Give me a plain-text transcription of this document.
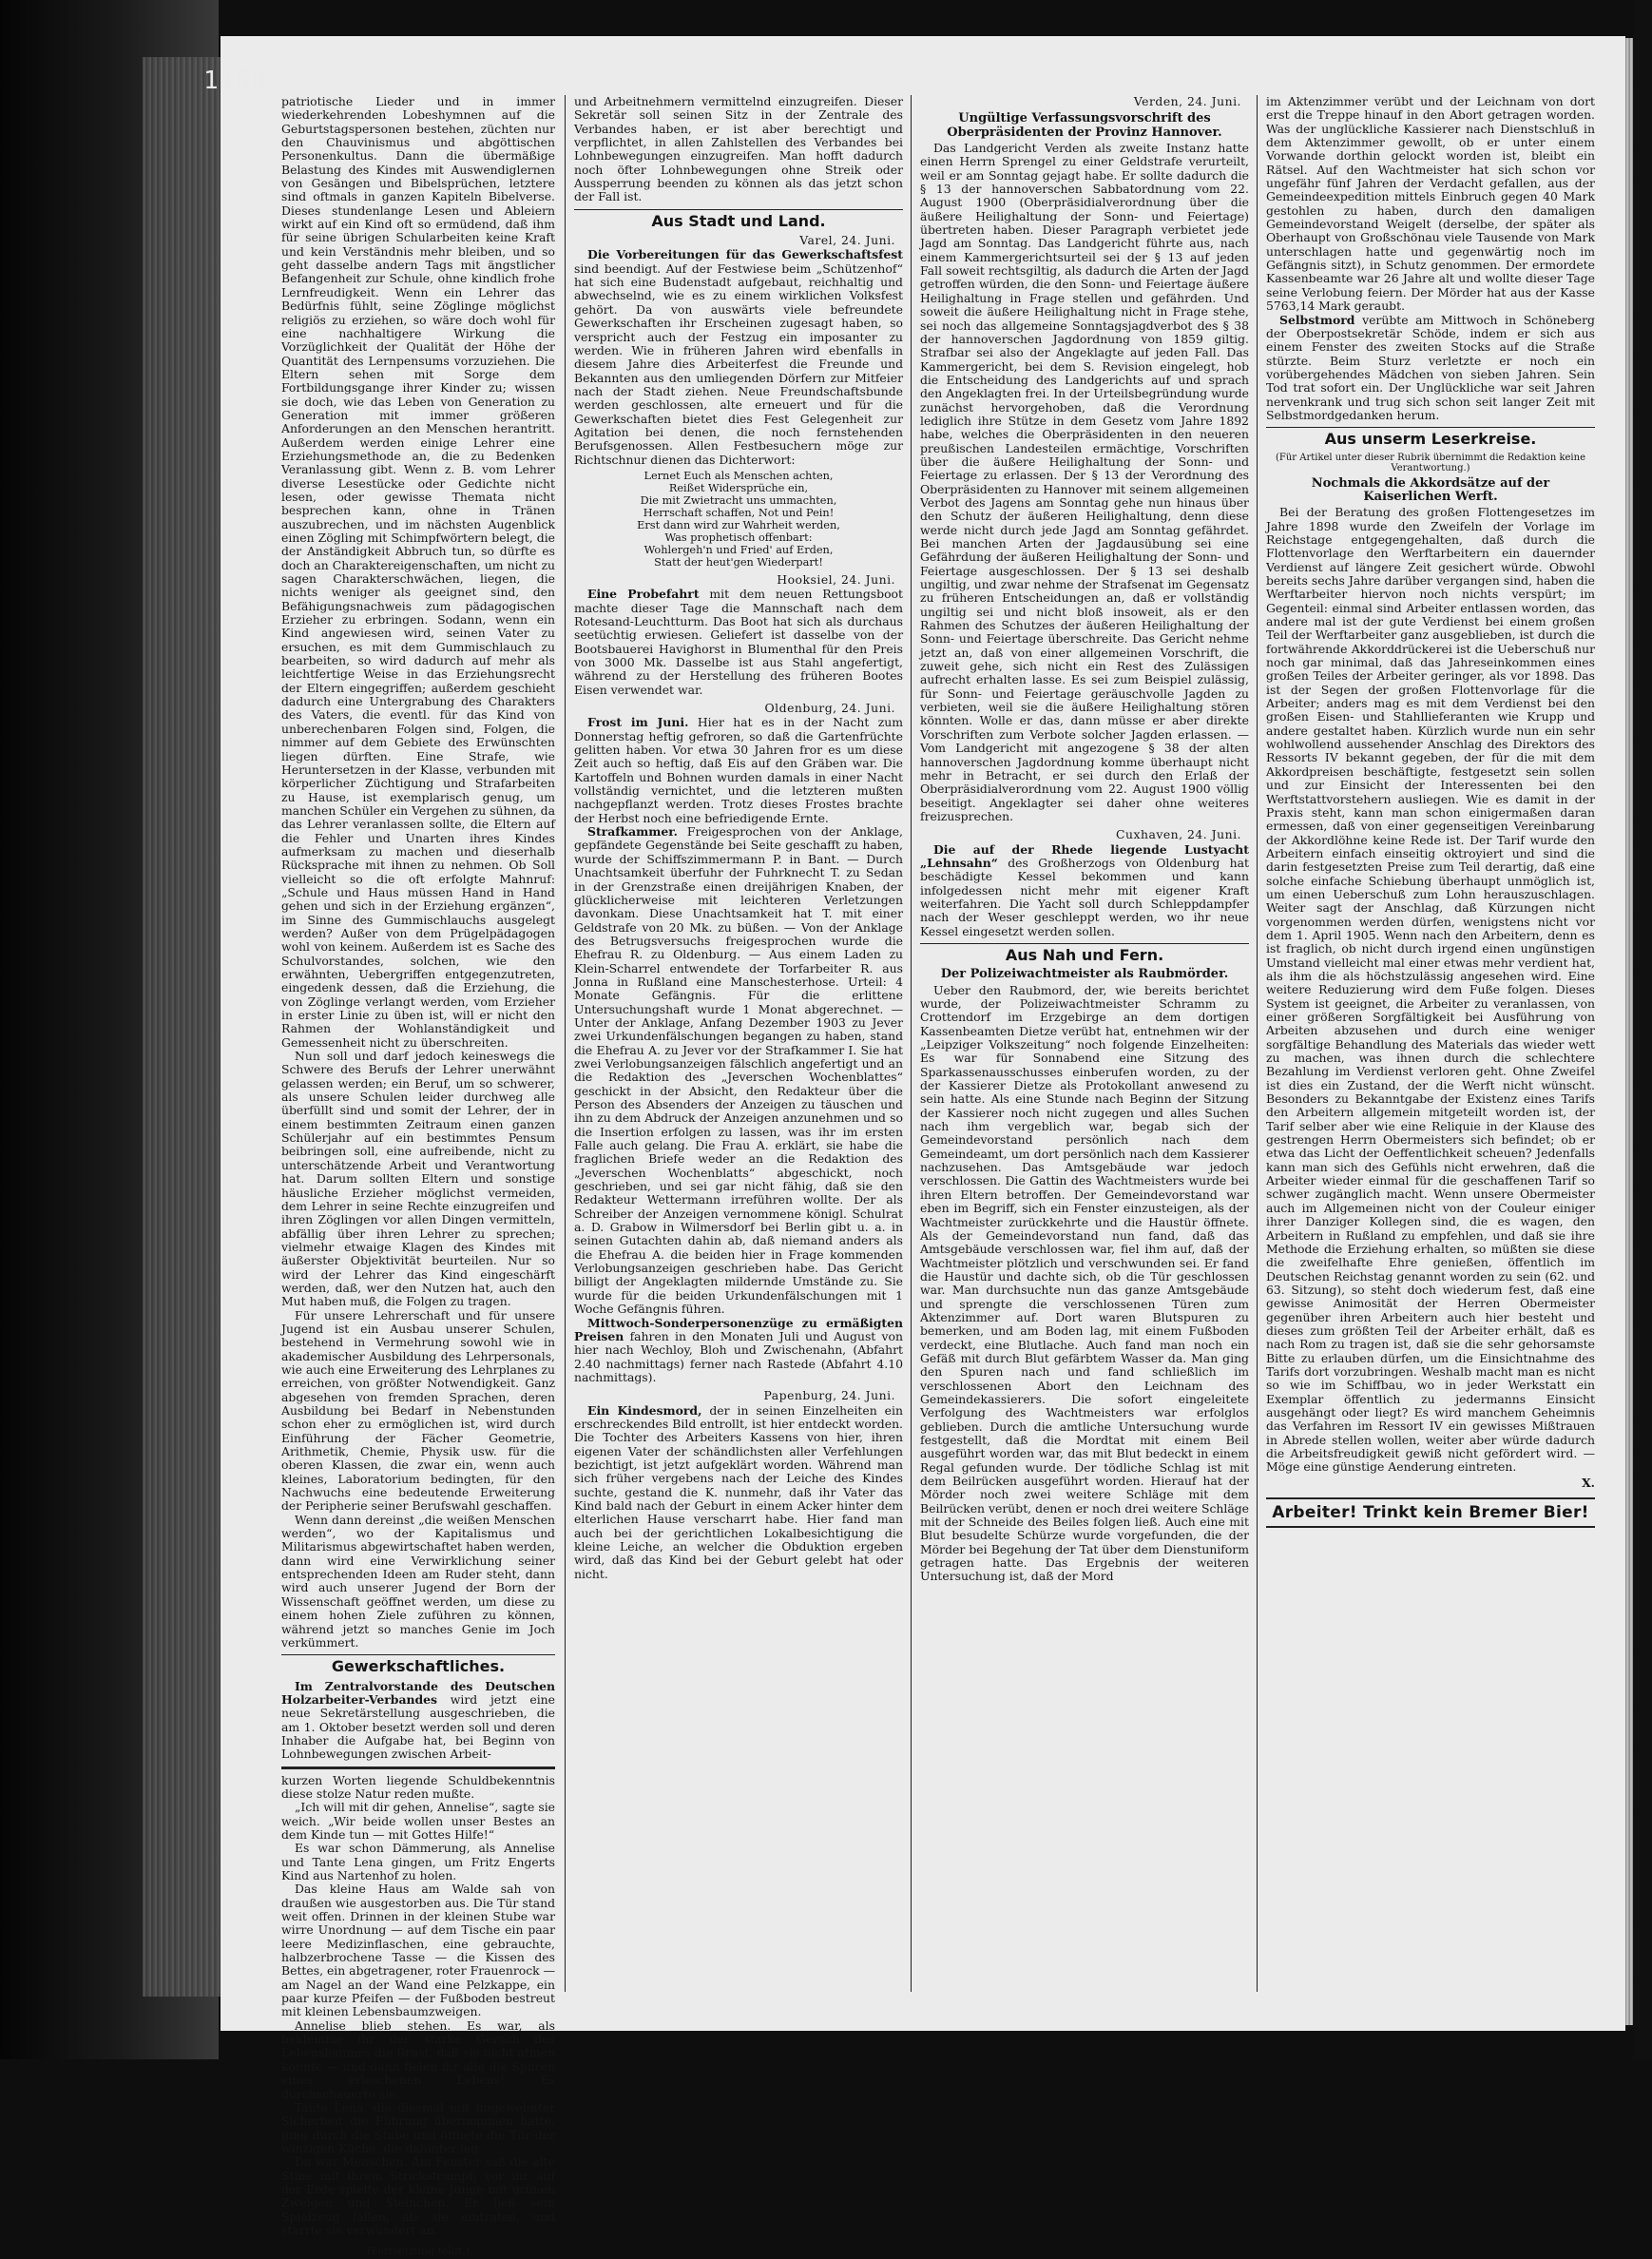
patriotische Lieder und in immer wiederkehrenden Lobeshymnen auf die Geburtstagspersonen bestehen, züchten nur den Chauvinismus und abgöttischen Personenkultus. Dann die übermäßige Belastung des Kindes mit Auswendiglernen von Gesängen und Bibelsprüchen, letztere sind oftmals in ganzen Kapiteln Bibelverse. Dieses stundenlange Lesen und Ableiern wirkt auf ein Kind oft so ermüdend, daß ihm für seine übrigen Schularbeiten keine Kraft und kein Verständnis mehr bleiben, und so geht dasselbe andern Tags mit ängstlicher Befangenheit zur Schule, ohne kindlich frohe Lernfreudigkeit. Wenn ein Lehrer das Bedürfnis fühlt, seine Zöglinge möglichst religiös zu erziehen, so wäre doch wohl für eine nachhaltigere Wirkung die Vorzüglichkeit der Qualität der Höhe der Quantität des Lernpensums vorzuziehen. Die Eltern sehen mit Sorge dem Fortbildungsgange ihrer Kinder zu; wissen sie doch, wie das Leben von Generation zu Generation mit immer größeren Anforderungen an den Menschen herantritt. Außerdem werden einige Lehrer eine Erziehungsmethode an, die zu Bedenken Veranlassung gibt. Wenn z. B. vom Lehrer diverse Lesestücke oder Gedichte nicht lesen, oder gewisse Themata nicht besprechen kann, ohne in Tränen auszubrechen, und im nächsten Augenblick einen Zögling mit Schimpfwörtern belegt, die der Anständigkeit Abbruch tun, so dürfte es doch an Charaktereigenschaften, um nicht zu sagen Charakterschwächen, liegen, die nichts weniger als geeignet sind, den Befähigungsnachweis zum pädagogischen Erzieher zu erbringen. Sodann, wenn ein Kind angewiesen wird, seinen Vater zu ersuchen, es mit dem Gummischlauch zu bearbeiten, so wird dadurch auf mehr als leichtfertige Weise in das Erziehungsrecht der Eltern eingegriffen; außerdem geschieht dadurch eine Untergrabung des Charakters des Vaters, die eventl. für das Kind von unberechenbaren Folgen sind, Folgen, die nimmer auf dem Gebiete des Erwünschten liegen dürften. Eine Strafe, wie Heruntersetzen in der Klasse, verbunden mit körperlicher Züchtigung und Strafarbeiten zu Hause, ist exemplarisch genug, um manchen Schüler ein Vergehen zu sühnen, da das Lehrer veranlassen sollte, die Eltern auf die Fehler und Unarten ihres Kindes aufmerksam zu machen und dieserhalb Rücksprache mit ihnen zu nehmen. Ob Soll vielleicht so die oft erfolgte Mahnruf: „Schule und Haus müssen Hand in Hand gehen und sich in der Erziehung ergänzen“, im Sinne des Gummischlauchs ausgelegt werden? Außer von dem Prügelpädagogen wohl von keinem. Außerdem ist es Sache des Schulvorstandes, solchen, wie den erwähnten, Uebergriffen entgegenzutreten, eingedenk dessen, daß die Erziehung, die von Zöglinge verlangt werden, vom Erzieher in erster Linie zu üben ist, will er nicht den Rahmen der Wohlanständigkeit und Gemessenheit nicht zu überschreiten.

Nun soll und darf jedoch keineswegs die Schwere des Berufs der Lehrer unerwähnt gelassen werden; ein Beruf, um so schwerer, als unsere Schulen leider durchweg alle überfüllt sind und somit der Lehrer, der in einem bestimmten Zeitraum einen ganzen Schülerjahr auf ein bestimmtes Pensum beibringen soll, eine aufreibende, nicht zu unterschätzende Arbeit und Verantwortung hat. Darum sollten Eltern und sonstige häusliche Erzieher möglichst vermeiden, dem Lehrer in seine Rechte einzugreifen und ihren Zöglingen vor allen Dingen vermitteln, abfällig über ihren Lehrer zu sprechen; vielmehr etwaige Klagen des Kindes mit äußerster Objektivität beurteilen. Nur so wird der Lehrer das Kind eingeschärft werden, daß, wer den Nutzen hat, auch den Mut haben muß, die Folgen zu tragen.

Für unsere Lehrerschaft und für unsere Jugend ist ein Ausbau unserer Schulen, bestehend in Vermehrung sowohl wie in akademischer Ausbildung des Lehrpersonals, wie auch eine Erweiterung des Lehrplanes zu erreichen, von größter Notwendigkeit. Ganz abgesehen von fremden Sprachen, deren Ausbildung bei Bedarf in Nebenstunden schon eher zu ermöglichen ist, wird durch Einführung der Fächer Geometrie, Arithmetik, Chemie, Physik usw. für die oberen Klassen, die zwar ein, wenn auch kleines, Laboratorium bedingten, für den Nachwuchs eine bedeutende Erweiterung der Peripherie seiner Berufswahl geschaffen.

Wenn dann dereinst „die weißen Menschen werden“, wo der Kapitalismus und Militarismus abgewirtschaftet haben werden, dann wird eine Verwirklichung seiner entsprechenden Ideen am Ruder steht, dann wird auch unserer Jugend der Born der Wissenschaft geöffnet werden, um diese zu einem hohen Ziele zuführen zu können, während jetzt so manches Genie im Joch verkümmert.

Gewerkschaftliches.

Im Zentralvorstande des Deutschen Holzarbeiter-Verbandes wird jetzt eine neue Sekretärstellung ausgeschrieben, die am 1. Oktober besetzt werden soll und deren Inhaber die Aufgabe hat, bei Beginn von Lohnbewegungen zwischen Arbeit-

kurzen Worten liegende Schuldbekenntnis diese stolze Natur reden mußte.

„Ich will mit dir gehen, Annelise“, sagte sie weich. „Wir beide wollen unser Bestes an dem Kinde tun — mit Gottes Hilfe!“

Es war schon Dämmerung, als Annelise und Tante Lena gingen, um Fritz Engerts Kind aus Nartenhof zu holen.

Das kleine Haus am Walde sah von draußen wie ausgestorben aus. Die Tür stand weit offen. Drinnen in der kleinen Stube war wirre Unordnung — auf dem Tische ein paar leere Medizinflaschen, eine gebrauchte, halbzerbrochene Tasse — die Kissen des Bettes, ein abgetragener, roter Frauenrock — am Nagel an der Wand eine Pelzkappe, ein paar kurze Pfeifen — der Fußboden bestreut mit kleinen Lebensbaumzweigen.

Annelise blieb stehen. Es war, als beklemme ihr der starke Geruch des Lebensbaumes die Brust, daß sie nicht atmen konnte — und dann fielen ihr alle die Spuren eines erloschenen Lebens! Es durchschauerte sie.

Tante Lena, die diesmal mit ungewohnter Sicherheit die Führung übernommen hatte, ging durch die Stube und öffnete die Tür der winzigen Küche, die dahinter lag.

Da war Menschen. Am Fenster saß die alte Stine mit ihrem Strickstrumpf; vor ihr auf der Erde spielte der kleine Junge mit grünen Zweigen und Steinchen. Er ließ sein Spielzeug fallen, als sie eintraten, und starrte sie verwundert an.

(Fortsetzung folgt.)

und Arbeitnehmern vermittelnd einzugreifen. Dieser Sekretär soll seinen Sitz in der Zentrale des Verbandes haben, er ist aber berechtigt und verpflichtet, in allen Zahlstellen des Verbandes bei Lohnbewegungen einzugreifen. Man hofft dadurch noch öfter Lohnbewegungen ohne Streik oder Aussperrung beenden zu können als das jetzt schon der Fall ist.

Aus Stadt und Land.
Varel, 24. Juni.

Die Vorbereitungen für das Gewerkschaftsfest sind beendigt. Auf der Festwiese beim „Schützenhof“ hat sich eine Budenstadt aufgebaut, reichhaltig und abwechselnd, wie es zu einem wirklichen Volksfest gehört. Da von auswärts viele befreundete Gewerkschaften ihr Erscheinen zugesagt haben, so verspricht auch der Festzug ein imposanter zu werden. Wie in früheren Jahren wird ebenfalls in diesem Jahre dies Arbeiterfest die Freunde und Bekannten aus den umliegenden Dörfern zur Mitfeier nach der Stadt ziehen. Neue Freundschaftsbunde werden geschlossen, alte erneuert und für die Gewerkschaften bietet dies Fest Gelegenheit zur Agitation bei denen, die noch fernstehenden Berufsgenossen. Allen Festbesuchern möge zur Richtschnur dienen das Dichterwort:

Lernet Euch als Menschen achten,
Reißet Widersprüche ein,
Die mit Zwietracht uns ummachten,
Herrschaft schaffen, Not und Pein!
Erst dann wird zur Wahrheit werden,
Was prophetisch offenbart:
Wohlergeh'n und Fried' auf Erden,
Statt der heut'gen Wiederpart!
Hooksiel, 24. Juni.

Eine Probefahrt mit dem neuen Rettungsboot machte dieser Tage die Mannschaft nach dem Rotesand-Leuchtturm. Das Boot hat sich als durchaus seetüchtig erwiesen. Geliefert ist dasselbe von der Bootsbauerei Havighorst in Blumenthal für den Preis von 3000 Mk. Dasselbe ist aus Stahl angefertigt, während zu der Herstellung des früheren Bootes Eisen verwendet war.

Oldenburg, 24. Juni.

Frost im Juni. Hier hat es in der Nacht zum Donnerstag heftig gefroren, so daß die Gartenfrüchte gelitten haben. Vor etwa 30 Jahren fror es um diese Zeit auch so heftig, daß Eis auf den Gräben war. Die Kartoffeln und Bohnen wurden damals in einer Nacht vollständig vernichtet, und die letzteren mußten nachgepflanzt werden. Trotz dieses Frostes brachte der Herbst noch eine befriedigende Ernte.

Strafkammer. Freigesprochen von der Anklage, gepfändete Gegenstände bei Seite geschafft zu haben, wurde der Schiffszimmermann P. in Bant. — Durch Unachtsamkeit überfuhr der Fuhrknecht T. zu Sedan in der Grenzstraße einen dreijährigen Knaben, der glücklicherweise mit leichteren Verletzungen davonkam. Diese Unachtsamkeit hat T. mit einer Geldstrafe von 20 Mk. zu büßen. — Von der Anklage des Betrugsversuchs freigesprochen wurde die Ehefrau R. zu Oldenburg. — Aus einem Laden zu Klein-Scharrel entwendete der Torfarbeiter R. aus Jonna in Rußland eine Manschesterhose. Urteil: 4 Monate Gefängnis. Für die erlittene Untersuchungshaft wurde 1 Monat abgerechnet. — Unter der Anklage, Anfang Dezember 1903 zu Jever zwei Urkundenfälschungen begangen zu haben, stand die Ehefrau A. zu Jever vor der Strafkammer I. Sie hat zwei Verlobungsanzeigen fälschlich angefertigt und an die Redaktion des „Jeverschen Wochenblattes“ geschickt in der Absicht, den Redakteur über die Person des Absenders der Anzeigen zu täuschen und ihn zu dem Abdruck der Anzeigen anzunehmen und so die Insertion erfolgen zu lassen, was ihr im ersten Falle auch gelang. Die Frau A. erklärt, sie habe die fraglichen Briefe weder an die Redaktion des „Jeverschen Wochenblatts“ abgeschickt, noch geschrieben, und sei gar nicht fähig, daß sie den Redakteur Wettermann irreführen wollte. Der als Schreiber der Anzeigen vernommene königl. Schulrat a. D. Grabow in Wilmersdorf bei Berlin gibt u. a. in seinen Gutachten dahin ab, daß niemand anders als die Ehefrau A. die beiden hier in Frage kommenden Verlobungsanzeigen geschrieben habe. Das Gericht billigt der Angeklagten mildernde Umstände zu. Sie wurde für die beiden Urkundenfälschungen mit 1 Woche Gefängnis führen.

Mittwoch-Sonderpersonenzüge zu ermäßigten Preisen fahren in den Monaten Juli und August von hier nach Wechloy, Bloh und Zwischenahn, (Abfahrt 2.40 nachmittags) ferner nach Rastede (Abfahrt 4.10 nachmittags).

Papenburg, 24. Juni.

Ein Kindesmord, der in seinen Einzelheiten ein erschreckendes Bild entrollt, ist hier entdeckt worden. Die Tochter des Arbeiters Kassens von hier, ihren eigenen Vater der schändlichsten aller Verfehlungen bezichtigt, ist jetzt aufgeklärt worden. Während man sich früher vergebens nach der Leiche des Kindes suchte, gestand die K. nunmehr, daß ihr Vater das Kind bald nach der Geburt in einem Acker hinter dem elterlichen Hause verscharrt habe. Hier fand man auch bei der gerichtlichen Lokalbesichtigung die kleine Leiche, an welcher die Obduktion ergeben wird, daß das Kind bei der Geburt gelebt hat oder nicht.

Verden, 24. Juni.
Ungültige Verfassungsvorschrift des Oberpräsidenten der Provinz Hannover.

Das Landgericht Verden als zweite Instanz hatte einen Herrn Sprengel zu einer Geldstrafe verurteilt, weil er am Sonntag gejagt habe. Er sollte dadurch die § 13 der hannoverschen Sabbatordnung vom 22. August 1900 (Oberpräsidialverordnung über die äußere Heilighaltung der Sonn- und Feiertage) übertreten haben. Dieser Paragraph verbietet jede Jagd am Sonntag. Das Landgericht führte aus, nach einem Kammergerichtsurteil sei der § 13 auf jeden Fall soweit rechtsgiltig, als dadurch die Arten der Jagd getroffen würden, die den Sonn- und Feiertage äußere Heilighaltung in Frage stellen und gefährden. Und soweit die äußere Heilighaltung nicht in Frage stehe, sei noch das allgemeine Sonntagsjagdverbot des § 38 der hannoverschen Jagdordnung von 1859 giltig. Strafbar sei also der Angeklagte auf jeden Fall. Das Kammergericht, bei dem S. Revision eingelegt, hob die Entscheidung des Landgerichts auf und sprach den Angeklagten frei. In der Urteilsbegründung wurde zunächst hervorgehoben, daß die Verordnung lediglich ihre Stütze in dem Gesetz vom Jahre 1892 habe, welches die Oberpräsidenten in den neueren preußischen Landesteilen ermächtige, Vorschriften über die äußere Heilighaltung der Sonn- und Feiertage zu erlassen. Der § 13 der Verordnung des Oberpräsidenten zu Hannover mit seinem allgemeinen Verbot des Jagens am Sonntag gehe nun hinaus über den Schutz der äußeren Heilighaltung, denn diese werde nicht durch jede Jagd am Sonntag gefährdet. Bei manchen Arten der Jagdausübung sei eine Gefährdung der äußeren Heilighaltung der Sonn- und Feiertage ausgeschlossen. Der § 13 sei deshalb ungiltig, und zwar nehme der Strafsenat im Gegensatz zu früheren Entscheidungen an, daß er vollständig ungiltig sei und nicht bloß insoweit, als er den Rahmen des Schutzes der äußeren Heilighaltung der Sonn- und Feiertage überschreite. Das Gericht nehme jetzt an, daß von einer allgemeinen Vorschrift, die zuweit gehe, sich nicht ein Rest des Zulässigen aufrecht erhalten lasse. Es sei zum Beispiel zulässig, für Sonn- und Feiertage geräuschvolle Jagden zu verbieten, weil sie die äußere Heilighaltung stören könnten. Wolle er das, dann müsse er aber direkte Vorschriften zum Verbote solcher Jagden erlassen. — Vom Landgericht mit angezogene § 38 der alten hannoverschen Jagdordnung komme überhaupt nicht mehr in Betracht, er sei durch den Erlaß der Oberpräsidialverordnung vom 22. August 1900 völlig beseitigt. Angeklagter sei daher ohne weiteres freizusprechen.

Cuxhaven, 24. Juni.

Die auf der Rhede liegende Lustyacht „Lehnsahn“ des Großherzogs von Oldenburg hat beschädigte Kessel bekommen und kann infolgedessen nicht mehr mit eigener Kraft weiterfahren. Die Yacht soll durch Schleppdampfer nach der Weser geschleppt werden, wo ihr neue Kessel eingesetzt werden sollen.

Aus Nah und Fern.
Der Polizeiwachtmeister als Raubmörder.

Ueber den Raubmord, der, wie bereits berichtet wurde, der Polizeiwachtmeister Schramm zu Crottendorf im Erzgebirge an dem dortigen Kassenbeamten Dietze verübt hat, entnehmen wir der „Leipziger Volkszeitung“ noch folgende Einzelheiten: Es war für Sonnabend eine Sitzung des Sparkassenausschusses einberufen worden, zu der der Kassierer Dietze als Protokollant anwesend zu sein hatte. Als eine Stunde nach Beginn der Sitzung der Kassierer noch nicht zugegen und alles Suchen nach ihm vergeblich war, begab sich der Gemeindevorstand persönlich nach dem Gemeindeamt, um dort persönlich nach dem Kassierer nachzusehen. Das Amtsgebäude war jedoch verschlossen. Die Gattin des Wachtmeisters wurde bei ihren Eltern betroffen. Der Gemeindevorstand war eben im Begriff, sich ein Fenster einzusteigen, als der Wachtmeister zurückkehrte und die Haustür öffnete. Als der Gemeindevorstand nun fand, daß das Amtsgebäude verschlossen war, fiel ihm auf, daß der Wachtmeister plötzlich und verschwunden sei. Er fand die Haustür und dachte sich, ob die Tür geschlossen war. Man durchsuchte nun das ganze Amtsgebäude und sprengte die verschlossenen Türen zum Aktenzimmer auf. Dort waren Blutspuren zu bemerken, und am Boden lag, mit einem Fußboden verdeckt, eine Blutlache. Auch fand man noch ein Gefäß mit durch Blut gefärbtem Wasser da. Man ging den Spuren nach und fand schließlich im verschlossenen Abort den Leichnam des Gemeindekassierers. Die sofort eingeleitete Verfolgung des Wachtmeisters war erfolglos geblieben. Durch die amtliche Untersuchung wurde festgestellt, daß die Mordtat mit einem Beil ausgeführt worden war, das mit Blut bedeckt in einem Regal gefunden wurde. Der tödliche Schlag ist mit dem Beilrücken ausgeführt worden. Hierauf hat der Mörder noch zwei weitere Schläge mit dem Beilrücken verübt, denen er noch drei weitere Schläge mit der Schneide des Beiles folgen ließ. Auch eine mit Blut besudelte Schürze wurde vorgefunden, die der Mörder bei Begehung der Tat über dem Dienstuniform getragen hatte. Das Ergebnis der weiteren Untersuchung ist, daß der Mord

im Aktenzimmer verübt und der Leichnam von dort erst die Treppe hinauf in den Abort getragen worden. Was der unglückliche Kassierer nach Dienstschluß in dem Aktenzimmer gewollt, ob er unter einem Vorwande dorthin gelockt worden ist, bleibt ein Rätsel. Auf den Wachtmeister hat sich schon vor ungefähr fünf Jahren der Verdacht gefallen, aus der Gemeindeexpedition mittels Einbruch gegen 40 Mark gestohlen zu haben, durch den damaligen Gemeindevorstand Weigelt (derselbe, der später als Oberhaupt von Großschönau viele Tausende von Mark unterschlagen hatte und gegenwärtig noch im Gefängnis sitzt), in Schutz genommen. Der ermordete Kassenbeamte war 26 Jahre alt und wollte dieser Tage seine Verlobung feiern. Der Mörder hat aus der Kasse 5763,14 Mark geraubt.

Selbstmord verübte am Mittwoch in Schöneberg der Oberpostsekretär Schöde, indem er sich aus einem Fenster des zweiten Stocks auf die Straße stürzte. Beim Sturz verletzte er noch ein vorübergehendes Mädchen von sieben Jahren. Sein Tod trat sofort ein. Der Unglückliche war seit Jahren nervenkrank und trug sich schon seit langer Zeit mit Selbstmordgedanken herum.

Aus unserm Leserkreise.
(Für Artikel unter dieser Rubrik übernimmt die Redaktion keine Verantwortung.)
Nochmals die Akkordsätze auf der Kaiserlichen Werft.

Bei der Beratung des großen Flottengesetzes im Jahre 1898 wurde den Zweifeln der Vorlage im Reichstage entgegengehalten, daß durch die Flottenvorlage den Werftarbeitern ein dauernder Verdienst auf längere Zeit gesichert würde. Obwohl bereits sechs Jahre darüber vergangen sind, haben die Werftarbeiter hiervon noch nichts verspürt; im Gegenteil: einmal sind Arbeiter entlassen worden, das andere mal ist der gute Verdienst bei einem großen Teil der Werftarbeiter ganz ausgeblieben, ist durch die fortwährende Akkorddrückerei ist die Ueberschuß nur noch gar minimal, daß das Jahreseinkommen eines großen Teiles der Arbeiter geringer, als vor 1898. Das ist der Segen der großen Flottenvorlage für die Arbeiter; anders mag es mit dem Verdienst bei den großen Eisen- und Stahllieferanten wie Krupp und andere gestaltet haben. Kürzlich wurde nun ein sehr wohlwollend aussehender Anschlag des Direktors des Ressorts IV bekannt gegeben, der für die mit dem Akkordpreisen beschäftigte, festgesetzt sein sollen und zur Einsicht der Interessenten bei den Werftstattvorstehern ausliegen. Wie es damit in der Praxis steht, kann man schon einigermaßen daran ermessen, daß von einer gegenseitigen Vereinbarung der Akkordlöhne keine Rede ist. Der Tarif wurde den Arbeitern einfach einseitig oktroyiert und sind die darin festgesetzten Preise zum Teil derartig, daß eine solche einfache Schiebung überhaupt unmöglich ist, um einen Ueberschuß zum Lohn herauszuschlagen. Weiter sagt der Anschlag, daß Kürzungen nicht vorgenommen werden dürfen, wenigstens nicht vor dem 1. April 1905. Wenn nach den Arbeitern, denn es ist fraglich, ob nicht durch irgend einen ungünstigen Umstand vielleicht mal einer etwas mehr verdient hat, als ihm die als höchstzulässig angesehen wird. Eine weitere Reduzierung wird dem Fuße folgen. Dieses System ist geeignet, die Arbeiter zu veranlassen, von einer größeren Sorgfältigkeit bei Ausführung von Arbeiten abzusehen und durch eine weniger sorgfältige Behandlung des Materials das wieder wett zu machen, was ihnen durch die schlechtere Bezahlung im Verdienst verloren geht. Ohne Zweifel ist dies ein Zustand, der die Werft nicht wünscht. Besonders zu Bekanntgabe der Existenz eines Tarifs den Arbeitern allgemein mitgeteilt worden ist, der Tarif selber aber wie eine Reliquie in der Klause des gestrengen Herrn Obermeisters sich befindet; ob er etwa das Licht der Oeffentlichkeit scheuen? Jedenfalls kann man sich des Gefühls nicht erwehren, daß die Arbeiter wieder einmal für die geschaffenen Tarif so schwer zugänglich macht. Wenn unsere Obermeister auch im Allgemeinen nicht von der Couleur einiger ihrer Danziger Kollegen sind, die es wagen, den Arbeitern in Rußland zu empfehlen, und daß sie ihre Methode die Erziehung erhalten, so müßten sie diese die zweifelhafte Ehre genießen, öffentlich im Deutschen Reichstag genannt worden zu sein (62. und 63. Sitzung), so steht doch wiederum fest, daß eine gewisse Animosität der Herren Obermeister gegenüber ihren Arbeitern auch hier besteht und dieses zum größten Teil der Arbeiter erhält, daß es nach Rom zu tragen ist, daß sie die sehr gehorsamste Bitte zu erlauben dürfen, um die Einsichtnahme des Tarifs dort vorzubringen. Weshalb macht man es nicht so wie im Schiffbau, wo in jeder Werkstatt ein Exemplar öffentlich zu jedermanns Einsicht ausgehängt oder liegt? Es wird manchem Geheimnis das Verfahren im Ressort IV ein gewisses Mißtrauen in Abrede stellen wollen, weiter aber würde dadurch die Arbeitsfreudigkeit gewiß nicht gefördert wird. — Möge eine günstige Aenderung eintreten.

X.
Arbeiter! Trinkt kein Bremer Bier!
1160
